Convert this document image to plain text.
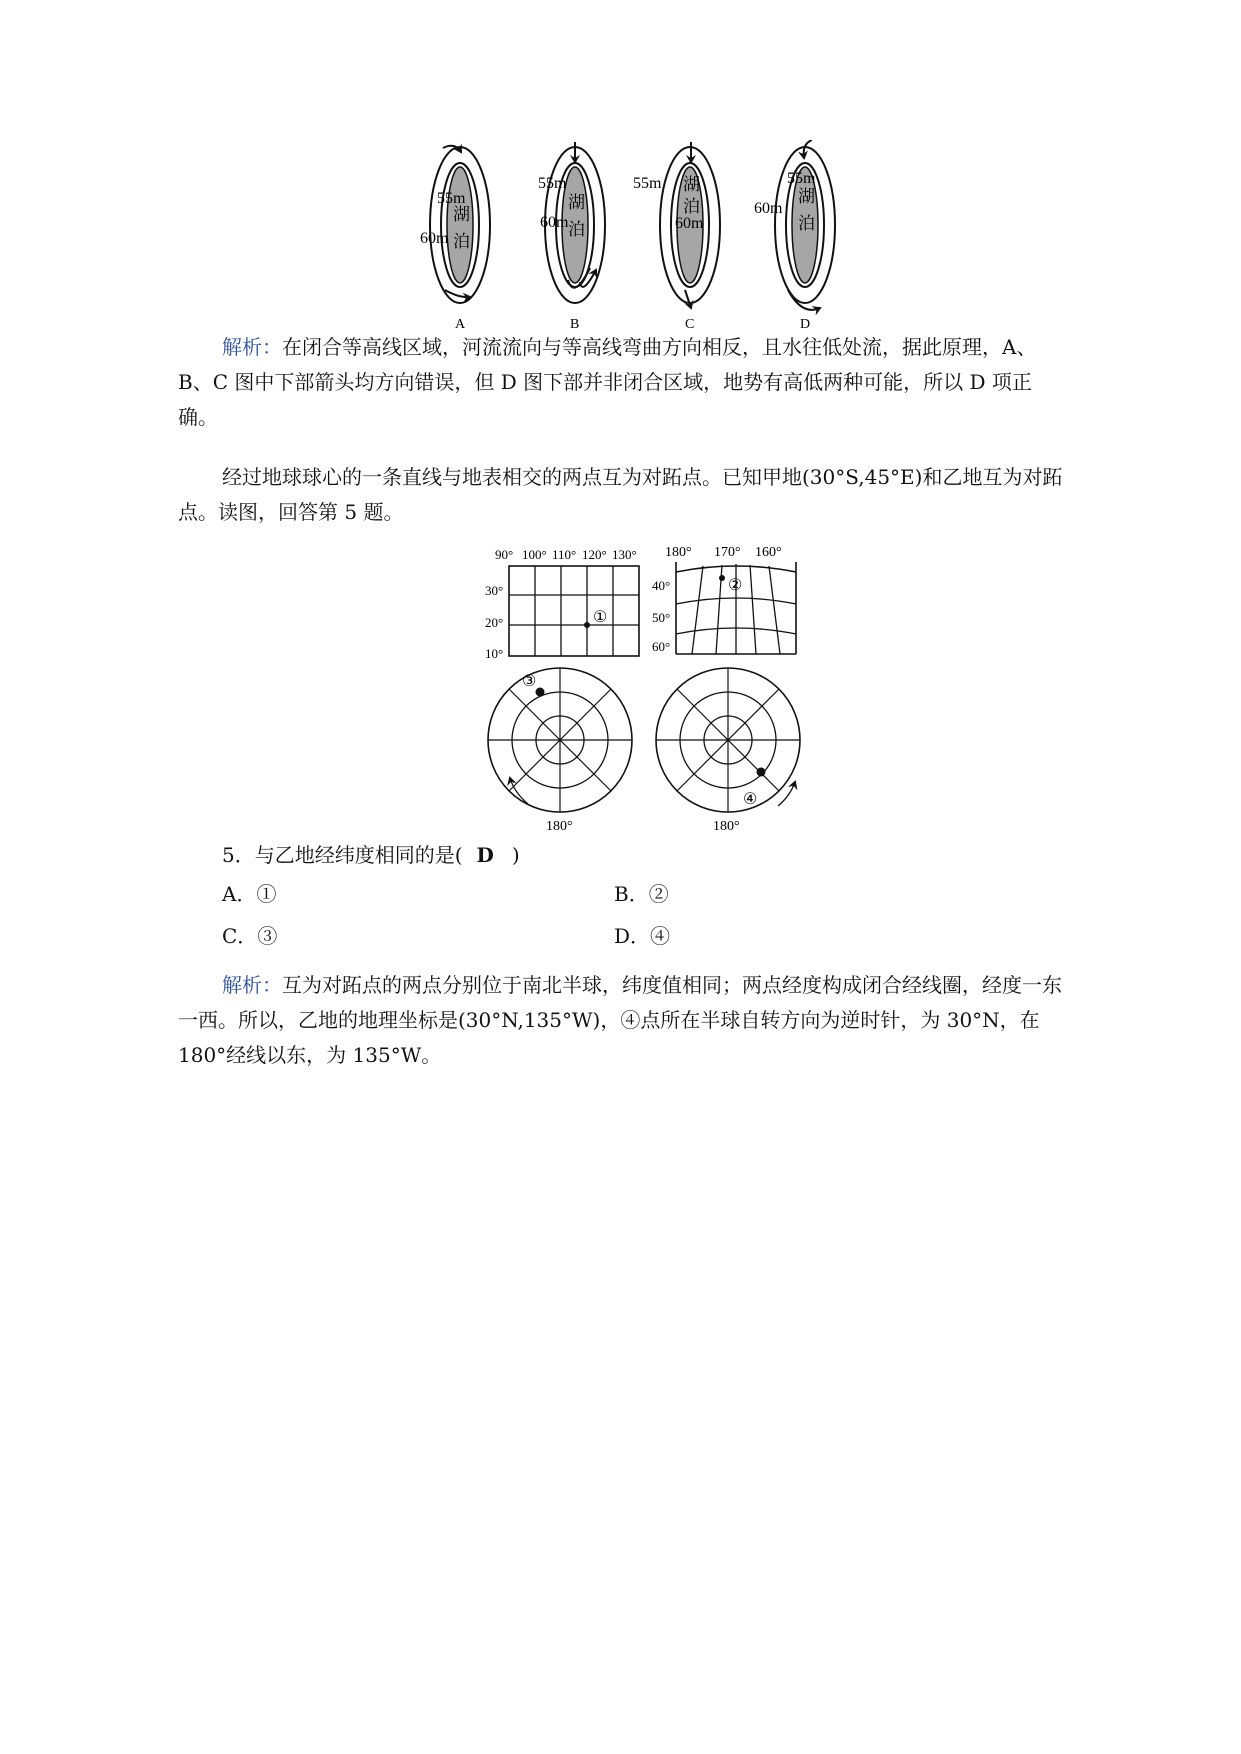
55m
60m
湖
泊
A
55m
60m
湖
泊
B
55m
60m
湖
泊
C
55m
60m
湖
泊
D
解析：在闭合等高线区域，河流流向与等高线弯曲方向相反，且水往低处流，据此原理，A、B、C 图中下部箭头均方向错误，但 D 图下部并非闭合区域，地势有高低两种可能，所以 D 项正确。
经过地球球心的一条直线与地表相交的两点互为对跖点。已知甲地(30°S,45°E)和乙地互为对跖点。读图，回答第 5 题。
90° 100° 110° 120° 130°
30°
20°
10°
①
180° 170° 160°
40°
50°
60°
②
③
180°
④
180°
5．与乙地经纬度相同的是( D )
A．①	B．②
C．③	D．④
解析：互为对跖点的两点分别位于南北半球，纬度值相同；两点经度构成闭合经线圈，经度一东一西。所以，乙地的地理坐标是(30°N,135°W)，④点所在半球自转方向为逆时针，为 30°N，在 180°经线以东，为 135°W。
